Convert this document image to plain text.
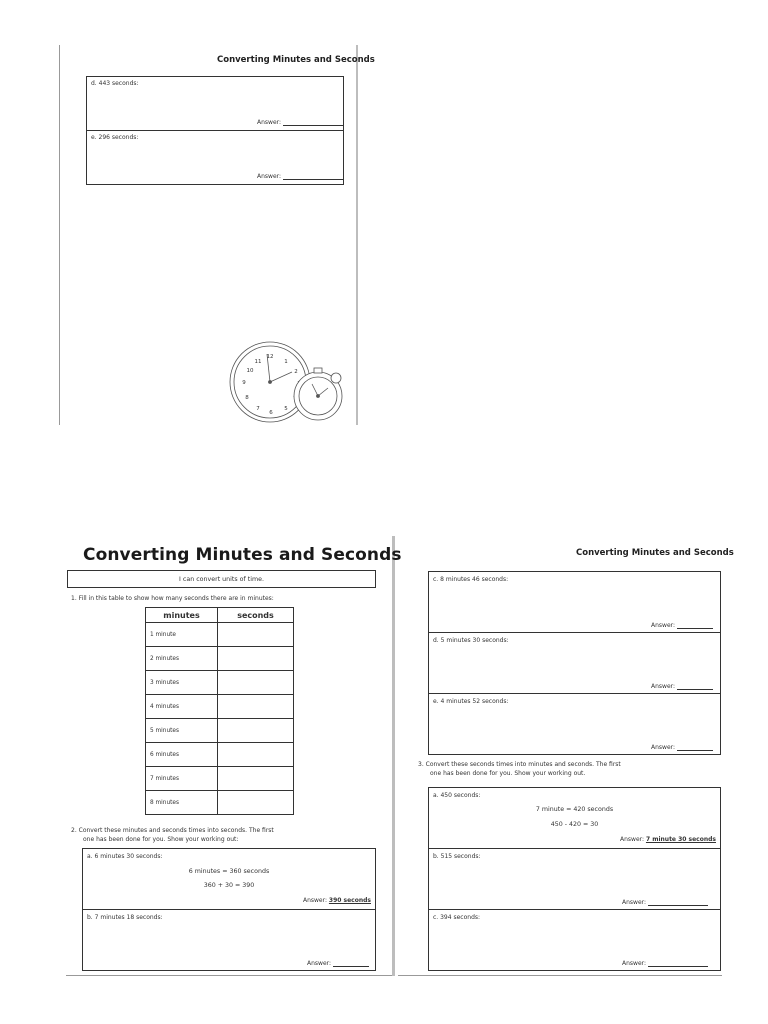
Converting Minutes and Seconds
d. 443 seconds:
Answer:
e. 296 seconds:
Answer:
11
12
1
10	2
9
8
7
6
5
Converting Minutes and Seconds
I can convert units of time.
1. Fill in this table to show how many seconds there are in minutes:
minutes	seconds
1 minute	
2 minutes	
3 minutes	
4 minutes	
5 minutes	
6 minutes	
7 minutes	
8 minutes	
2. Convert these minutes and seconds times into seconds. The first
one has been done for you. Show your working out:
a. 6 minutes 30 seconds:
6 minutes = 360 seconds
360 + 30 = 390
Answer: 390 seconds
b. 7 minutes 18 seconds:
Answer:
Converting Minutes and Seconds
c. 8 minutes 46 seconds:
Answer:
d. 5 minutes 30 seconds:
Answer:
e. 4 minutes 52 seconds:
Answer:
3. Convert these seconds times into minutes and seconds. The first
one has been done for you. Show your working out.
a. 450 seconds:
7 minute = 420 seconds
450 - 420 = 30
Answer: 7 minute 30 seconds
b. 515 seconds:
Answer:
c. 394 seconds:
Answer:
